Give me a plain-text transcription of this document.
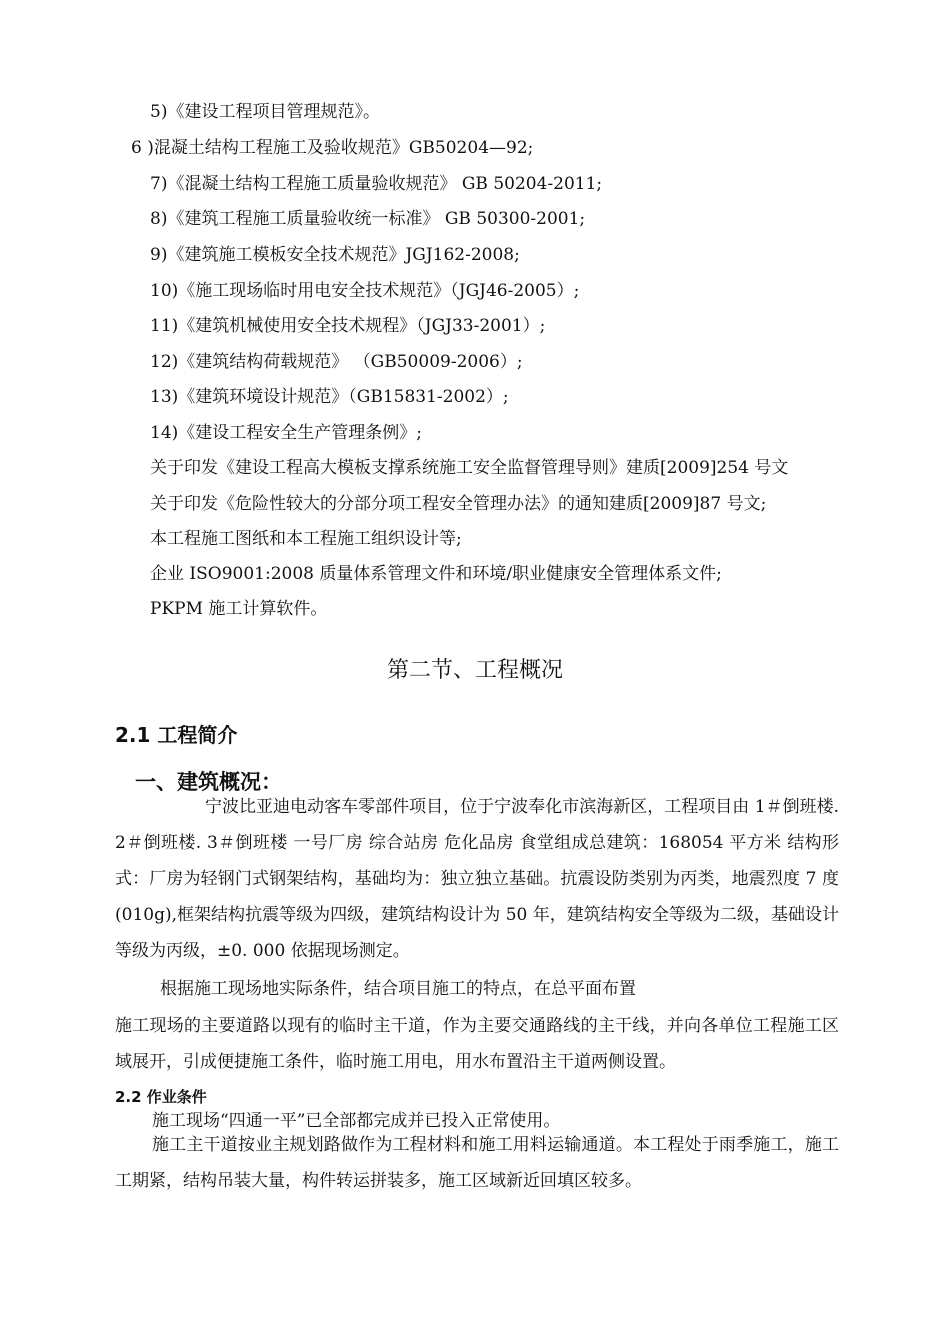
5)《建设工程项目管理规范》。
6 )混凝土结构工程施工及验收规范》GB50204—92;
7)《混凝土结构工程施工质量验收规范》 GB 50204-2011;
8)《建筑工程施工质量验收统一标准》 GB 50300-2001;
9)《建筑施工模板安全技术规范》JGJ162-2008;
10)《施工现场临时用电安全技术规范》（JGJ46-2005）;
11)《建筑机械使用安全技术规程》（JGJ33-2001）;
12)《建筑结构荷载规范》 （GB50009-2006）;
13)《建筑环境设计规范》（GB15831-2002）;
14)《建设工程安全生产管理条例》;
关于印发《建设工程高大模板支撑系统施工安全监督管理导则》建质[2009]254 号文
关于印发《危险性较大的分部分项工程安全管理办法》的通知建质[2009]87 号文;
本工程施工图纸和本工程施工组织设计等;
企业 ISO9001:2008 质量体系管理文件和环境/职业健康安全管理体系文件;
PKPM 施工计算软件。
第二节、工程概况
2.1 工程简介
一、建筑概况：
宁波比亚迪电动客车零部件项目，位于宁波奉化市滨海新区，工程项目由 1＃倒班楼. 2＃倒班楼. 3＃倒班楼 一号厂房 综合站房 危化品房 食堂组成总建筑：168054 平方米 结构形式：厂房为轻钢门式钢架结构，基础均为：独立独立基础。抗震设防类别为丙类，地震烈度 7 度(010g),框架结构抗震等级为四级，建筑结构设计为 50 年，建筑结构安全等级为二级，基础设计等级为丙级，±0. 000 依据现场测定。
根据施工现场地实际条件，结合项目施工的特点，在总平面布置
施工现场的主要道路以现有的临时主干道，作为主要交通路线的主干线，并向各单位工程施工区域展开，引成便捷施工条件，临时施工用电，用水布置沿主干道两侧设置。
2.2 作业条件
施工现场“四通一平”已全部都完成并已投入正常使用。
施工主干道按业主规划路做作为工程材料和施工用料运输通道。本工程处于雨季施工，施工工期紧，结构吊装大量，构件转运拼装多，施工区域新近回填区较多。
